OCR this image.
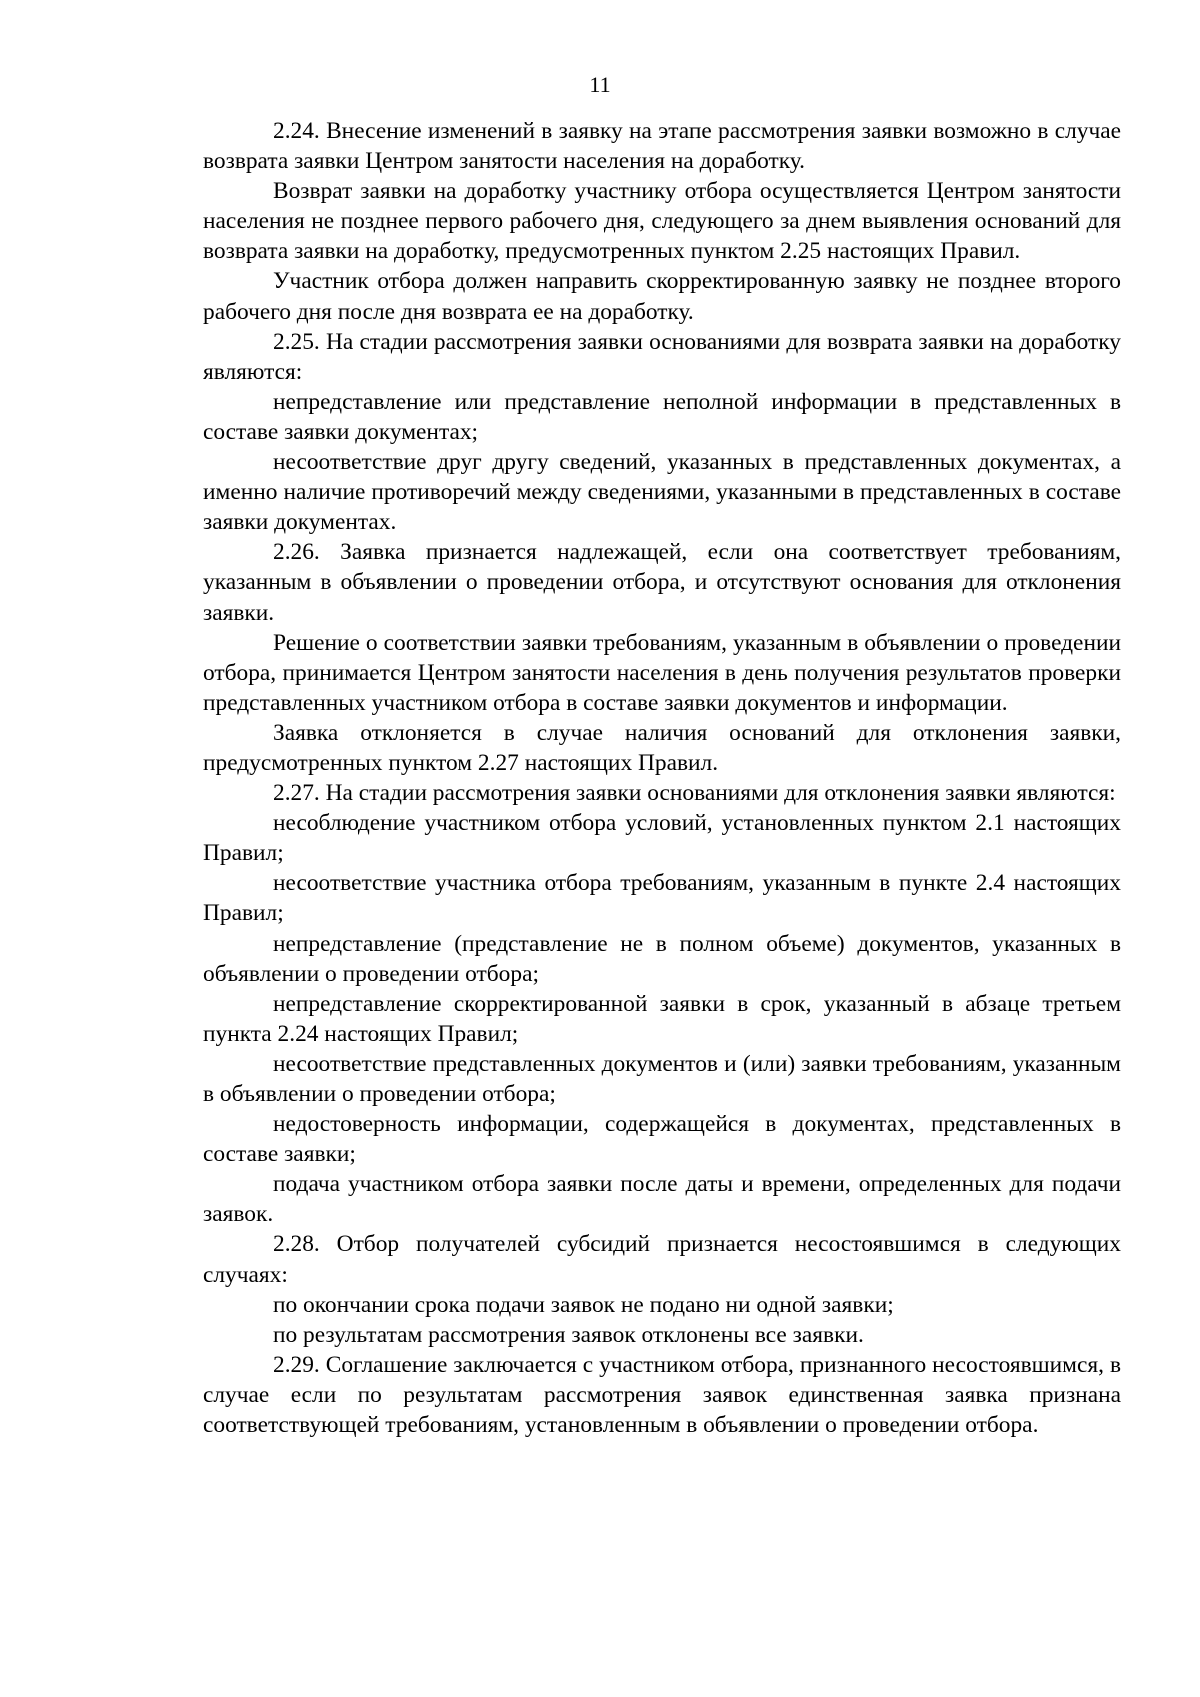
11

2.24. Внесение изменений в заявку на этапе рассмотрения заявки возможно в случае возврата заявки Центром занятости населения на доработку.

Возврат заявки на доработку участнику отбора осуществляется Центром занятости населения не позднее первого рабочего дня, следующего за днем выявления оснований для возврата заявки на доработку, предусмотренных пунктом 2.25 настоящих Правил.

Участник отбора должен направить скорректированную заявку не позднее второго рабочего дня после дня возврата ее на доработку.

2.25. На стадии рассмотрения заявки основаниями для возврата заявки на доработку являются:

непредставление или представление неполной информации в представленных в составе заявки документах;

несоответствие друг другу сведений, указанных в представленных документах, а именно наличие противоречий между сведениями, указанными в представленных в составе заявки документах.

2.26. Заявка признается надлежащей, если она соответствует требованиям, указанным в объявлении о проведении отбора, и отсутствуют основания для отклонения заявки.

Решение о соответствии заявки требованиям, указанным в объявлении о проведении отбора, принимается Центром занятости населения в день получения результатов проверки представленных участником отбора в составе заявки документов и информации.

Заявка отклоняется в случае наличия оснований для отклонения заявки, предусмотренных пунктом 2.27 настоящих Правил.

2.27. На стадии рассмотрения заявки основаниями для отклонения заявки являются:

несоблюдение участником отбора условий, установленных пунктом 2.1 настоящих Правил;

несоответствие участника отбора требованиям, указанным в пункте 2.4 настоящих Правил;

непредставление (представление не в полном объеме) документов, указанных в объявлении о проведении отбора;

непредставление скорректированной заявки в срок, указанный в абзаце третьем пункта 2.24 настоящих Правил;

несоответствие представленных документов и (или) заявки требованиям, указанным в объявлении о проведении отбора;

недостоверность информации, содержащейся в документах, представленных в составе заявки;

подача участником отбора заявки после даты и времени, определенных для подачи заявок.

2.28. Отбор получателей субсидий признается несостоявшимся в следующих случаях:

по окончании срока подачи заявок не подано ни одной заявки;

по результатам рассмотрения заявок отклонены все заявки.

2.29. Соглашение заключается с участником отбора, признанного несостоявшимся, в случае если по результатам рассмотрения заявок единственная заявка признана соответствующей требованиям, установленным в объявлении о проведении отбора.
